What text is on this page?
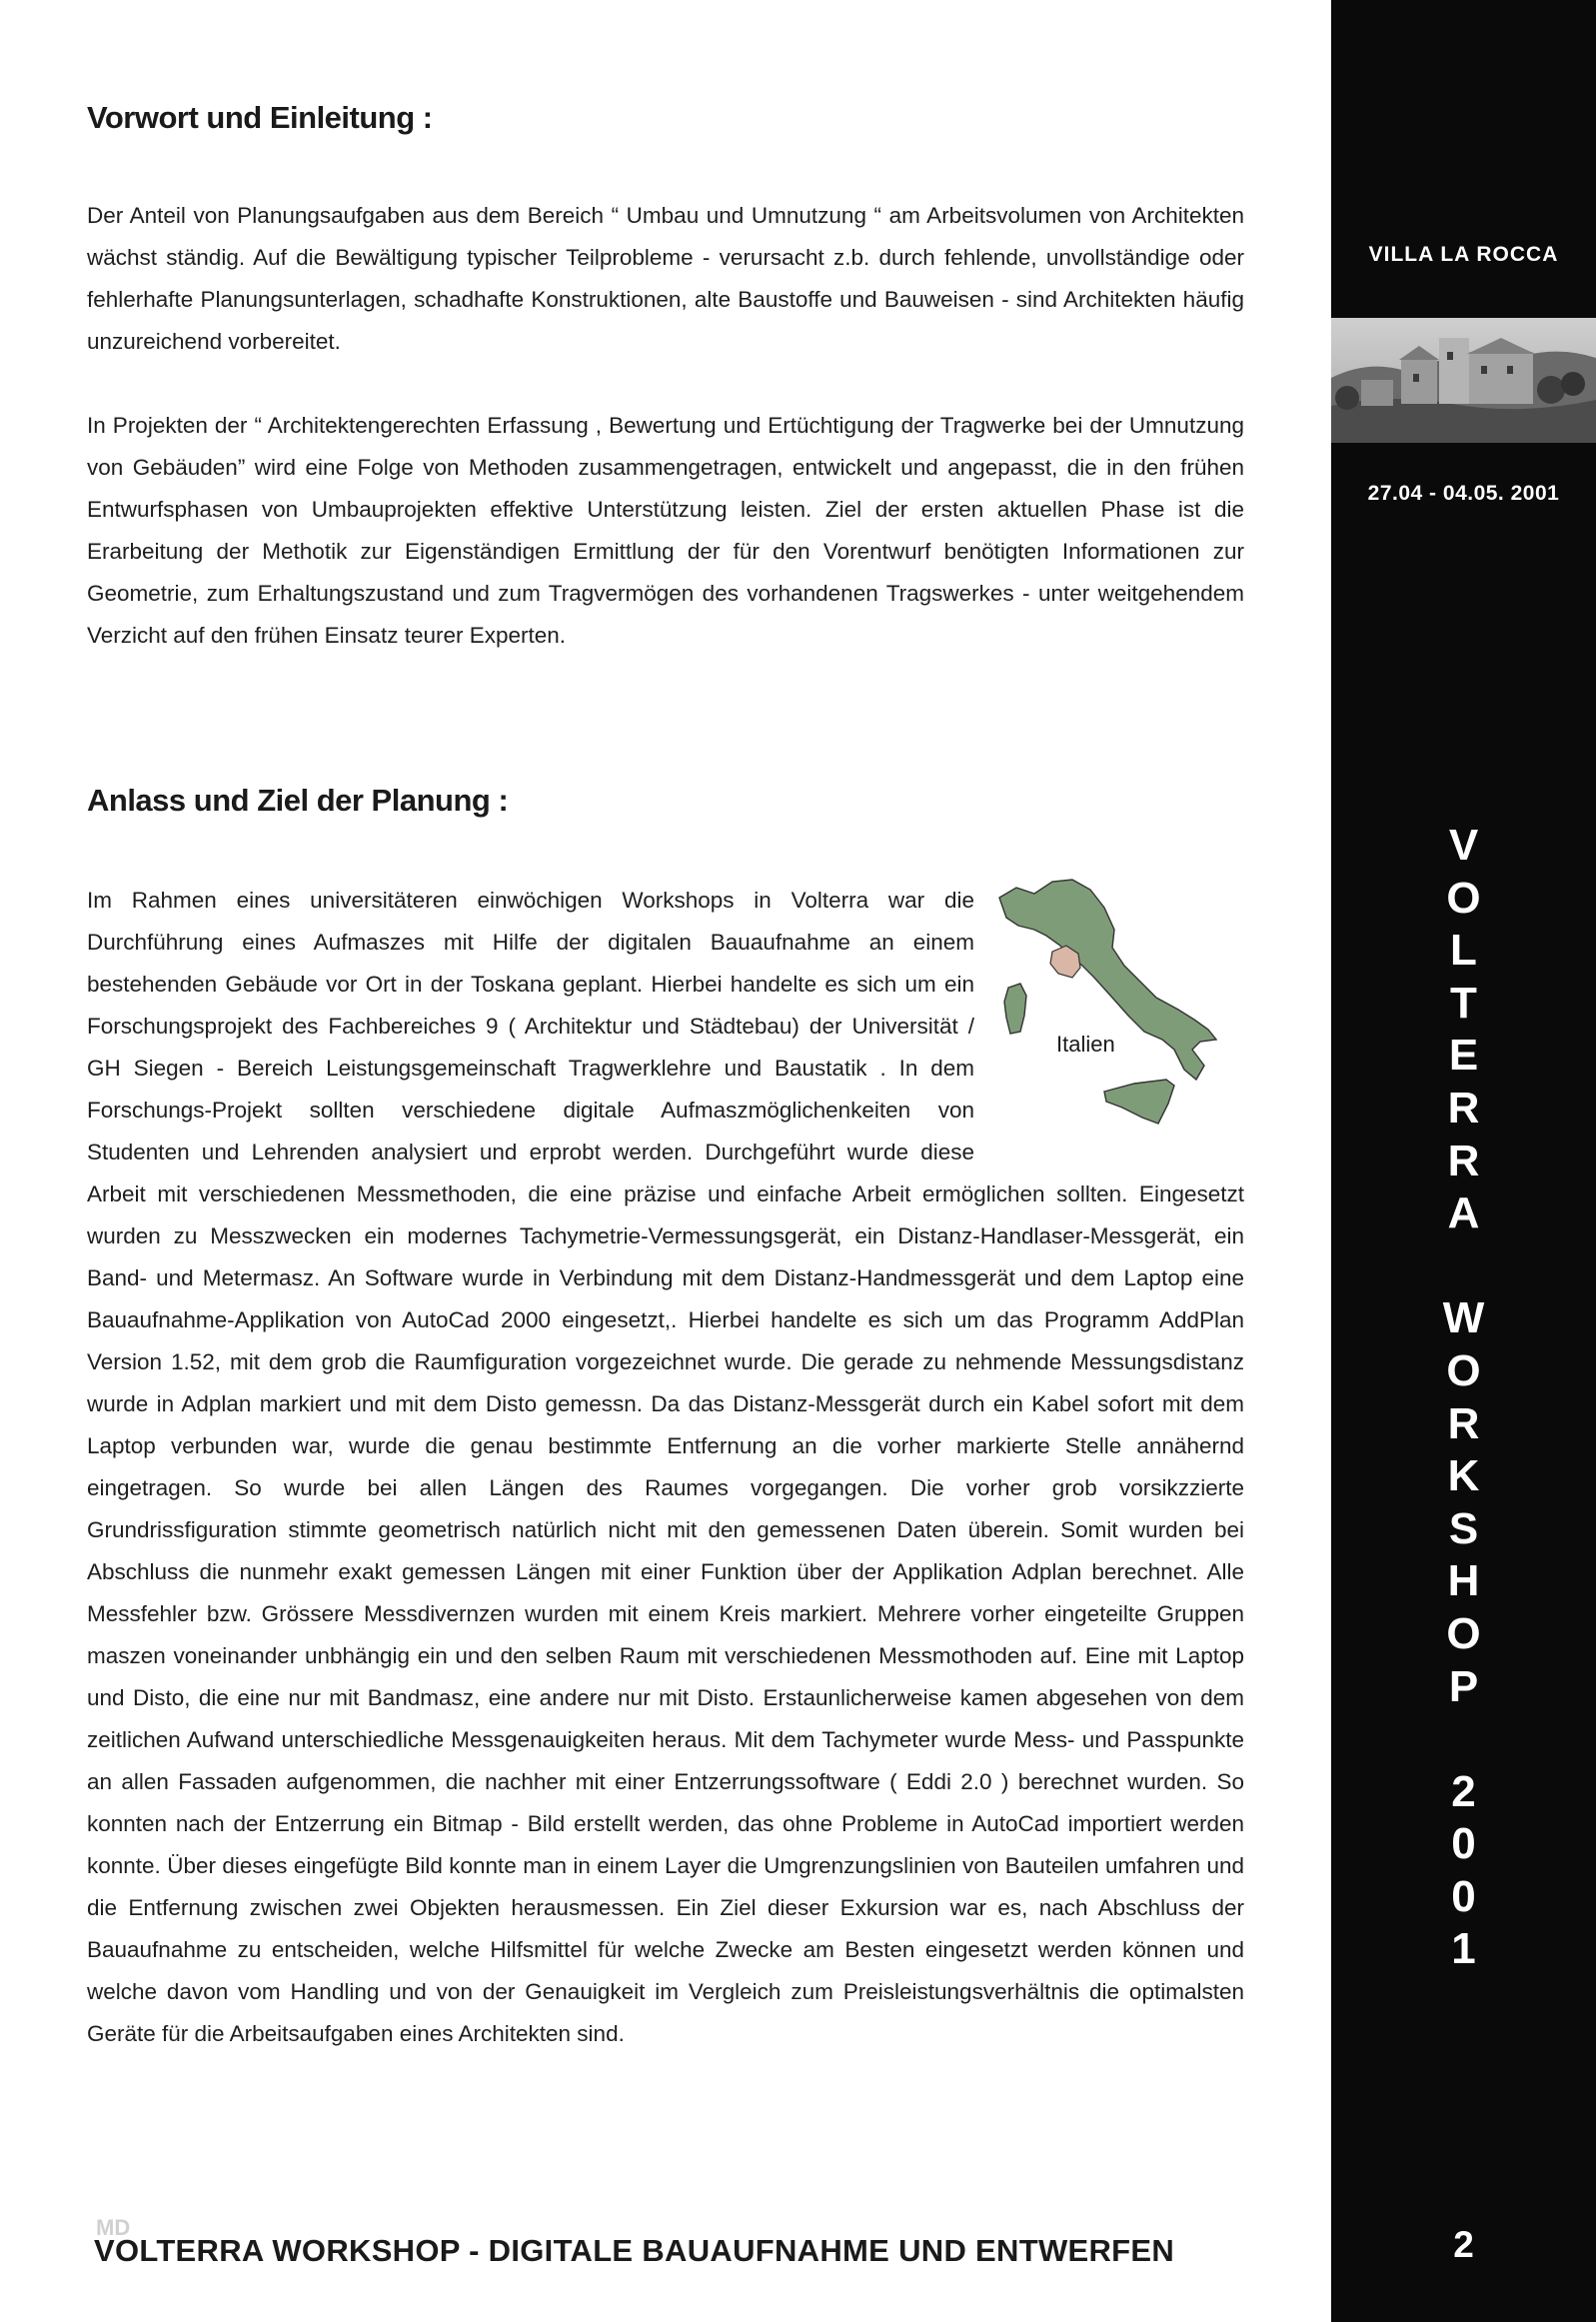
Vorwort und Einleitung :

Der Anteil von Planungsaufgaben aus dem Bereich “ Umbau und Umnutzung “ am Arbeitsvolumen von Architekten wächst ständig. Auf die Bewältigung typischer Teilprobleme - verursacht z.b. durch fehlende, unvollständige oder fehlerhafte Planungsunterlagen, schadhafte Konstruktionen, alte Baustoffe und Bauweisen - sind Architekten häufig unzureichend vorbereitet.

In Projekten der “ Architektengerechten Erfassung , Bewertung und Ertüchtigung der Tragwerke bei der Umnutzung von Gebäuden” wird eine Folge von Methoden zusammengetragen, entwickelt und angepasst, die in den frühen Entwurfsphasen von Umbauprojekten effektive Unterstützung leisten. Ziel der ersten aktuellen Phase ist die Erarbeitung der Methotik zur Eigenständigen Ermittlung der für den Vorentwurf benötigten Informationen zur Geometrie, zum Erhaltungszustand und zum Tragvermögen des vorhandenen Tragswerkes - unter weitgehendem Verzicht auf den frühen Einsatz teurer Experten.

Anlass und Ziel der Planung :
Italien
Im Rahmen eines universitäteren einwöchigen Workshops in Volterra war die Durchführung eines Aufmaszes mit Hilfe der digitalen Bauaufnahme an einem bestehenden Gebäude vor Ort in der Toskana geplant. Hierbei handelte es sich um ein Forschungsprojekt des Fachbereiches 9 ( Architektur und Städtebau) der Universität / GH Siegen - Bereich Leistungsgemeinschaft Tragwerklehre und Baustatik . In dem Forschungs-Projekt sollten verschiedene digitale Aufmaszmöglichenkeiten von Studenten und Lehrenden analysiert und erprobt werden. Durchgeführt wurde diese Arbeit mit verschiedenen Messmethoden, die eine präzise und einfache Arbeit ermöglichen sollten. Eingesetzt wurden zu Messzwecken ein modernes Tachymetrie-Vermessungsgerät, ein Distanz-Handlaser-Messgerät, ein Band- und Metermasz. An Software wurde in Verbindung mit dem Distanz-Handmessgerät und dem Laptop eine Bauaufnahme-Applikation von AutoCad 2000 eingesetzt,. Hierbei handelte es sich um das Programm AddPlan Version 1.52, mit dem grob die Raumfiguration vorgezeichnet wurde. Die gerade zu nehmende Messungsdistanz wurde in Adplan markiert und mit dem Disto gemessn. Da das Distanz-Messgerät durch ein Kabel sofort mit dem Laptop verbunden war, wurde die genau bestimmte Entfernung an die vorher markierte Stelle annähernd eingetragen. So wurde bei allen Längen des Raumes vorgegangen. Die vorher grob vorsikzzierte Grundrissfiguration stimmte geometrisch natürlich nicht mit den gemessenen Daten überein. Somit wurden bei Abschluss die nunmehr exakt gemessen Längen mit einer Funktion über der Applikation Adplan berechnet. Alle Messfehler bzw. Grössere Messdivernzen wurden mit einem Kreis markiert. Mehrere vorher eingeteilte Gruppen maszen voneinander unbhängig ein und den selben Raum mit verschiedenen Messmothoden auf. Eine mit Laptop und Disto, die eine nur mit Bandmasz, eine andere nur mit Disto. Erstaunlicherweise kamen abgesehen von dem zeitlichen Aufwand unterschiedliche Messgenauigkeiten heraus. Mit dem Tachymeter wurde Mess- und Passpunkte an allen Fassaden aufgenommen, die nachher mit einer Entzerrungssoftware ( Eddi 2.0 ) berechnet wurden. So konnten nach der Entzerrung ein Bitmap - Bild erstellt werden, das ohne Probleme in AutoCad importiert werden konnte. Über dieses eingefügte Bild konnte man in einem Layer die Umgrenzungslinien von Bauteilen umfahren und die Entfernung zwischen zwei Objekten herausmessen. Ein Ziel dieser Exkursion war es, nach Abschluss der Bauaufnahme zu entscheiden, welche Hilfsmittel für welche Zwecke am Besten eingesetzt werden können und welche davon vom Handling und von der Genauigkeit im Vergleich zum Preisleistungsverhältnis die optimalsten Geräte für die Arbeitsaufgaben eines Architekten sind.
MD
VOLTERRA WORKSHOP - DIGITALE BAUAUFNAHME UND ENTWERFEN
VILLA LA ROCCA
27.04 - 04.05. 2001
V
O
L
T
E
R
R
A
W
O
R
K
S
H
O
P
2
0
0
1
2
